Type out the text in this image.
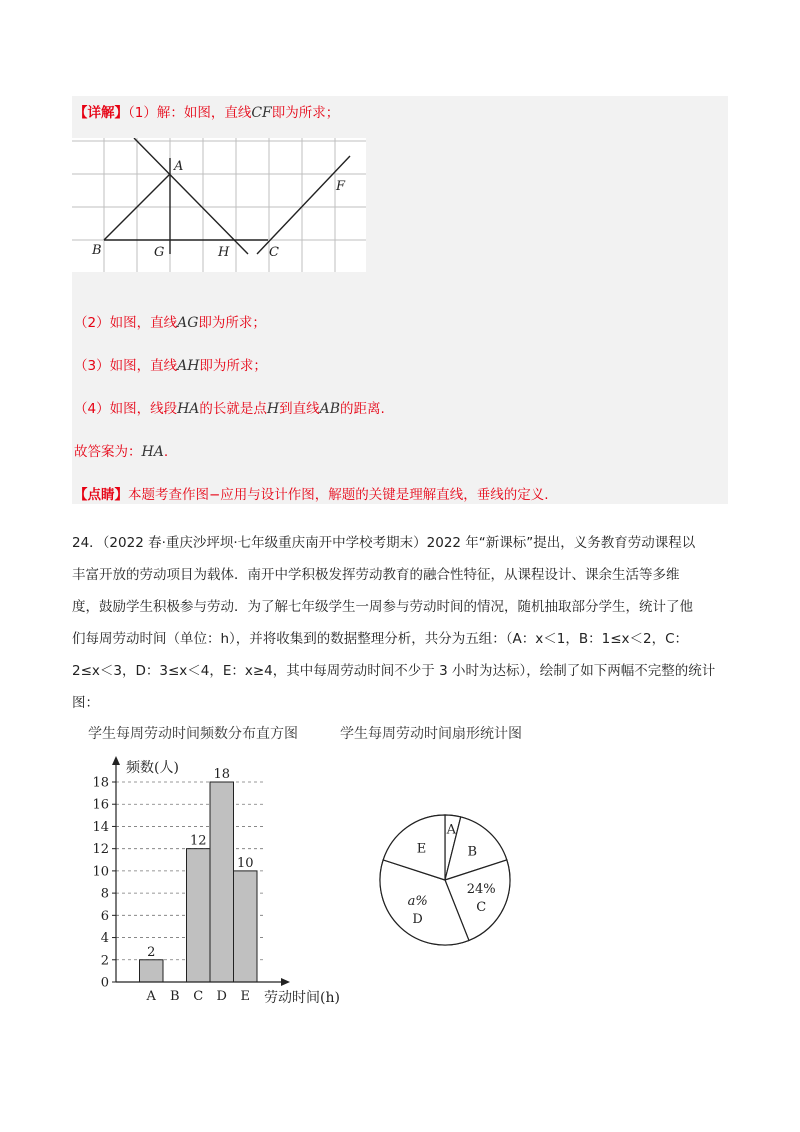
【详解】（1）解：如图，直线CF即为所求；
A
B	G	H	C
F
（2）如图，直线AG即为所求；
（3）如图，直线AH即为所求；
（4）如图，线段HA的长就是点H到直线AB的距离.
故答案为：HA.
【点睛】本题考查作图−应用与设计作图，解题的关键是理解直线，垂线的定义.

24．（2022 春·重庆沙坪坝·七年级重庆南开中学校考期末）2022 年“新课标”提出，义务教育劳动课程以

丰富开放的劳动项目为载体．南开中学积极发挥劳动教育的融合性特征，从课程设计、课余生活等多维

度，鼓励学生积极参与劳动．为了解七年级学生一周参与劳动时间的情况，随机抽取部分学生，统计了他

们每周劳动时间（单位：h），并将收集到的数据整理分析，共分为五组：（A：x＜1，B：1≤x＜2，C：

2≤x＜3，D：3≤x＜4，E：x≥4，其中每周劳动时间不少于 3 小时为达标），绘制了如下两幅不完整的统计

图：

学生每周劳动时间频数分布直方图	学生每周劳动时间扇形统计图
0
2
4
6
8
10
12
14
16
18
A B C D E
2
12
18
10
频数(人)
劳动时间(h)
A
B
24%
C
a%
D
E
